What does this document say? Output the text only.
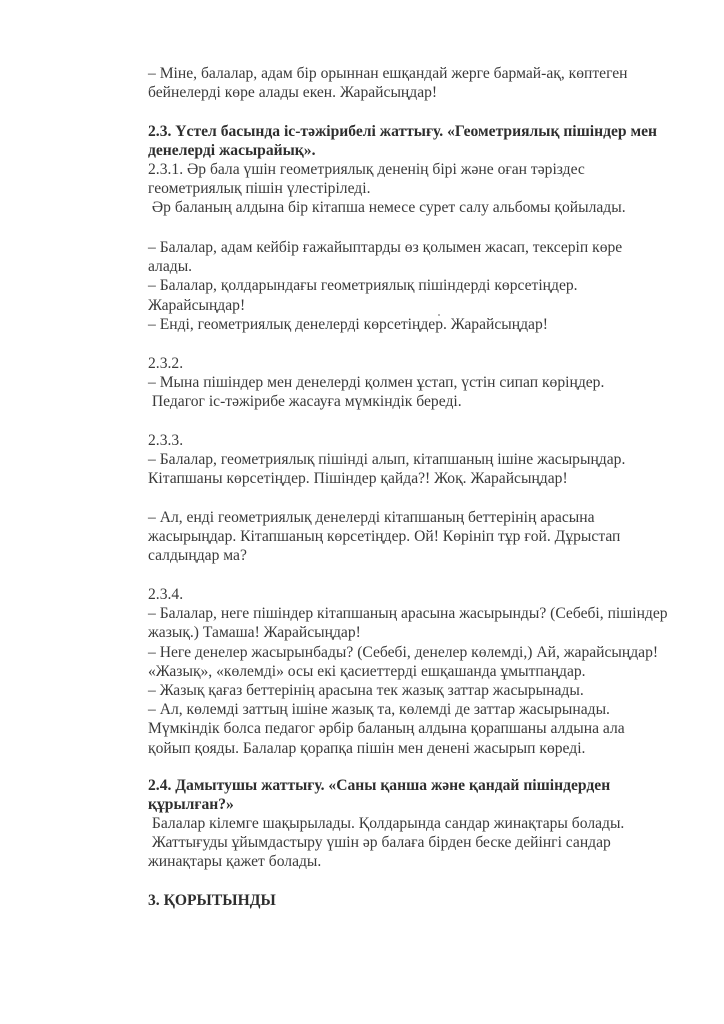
– Міне, балалар, адам бір орыннан ешқандай жерге бармай-ақ, көптеген
бейнелерді көре алады екен. Жарайсыңдар!
2.3. Үстел басында іс-тәжірибелі жаттығу. «Геометриялық пішіндер мен
денелерді жасырайық».
2.3.1. Әр бала үшін геометриялық дененің бірі және оған тәріздес
геометриялық пішін үлестіріледі.
Әр баланың алдына бір кітапша немесе сурет салу альбомы қойылады.
– Балалар, адам кейбір ғажайыптарды өз қолымен жасап, тексеріп көре
алады.
– Балалар, қолдарындағы геометриялық пішіндерді көрсетіңдер.
Жарайсыңдар!
– Енді, геометриялық денелерді көрсетіңдер. Жарайсыңдар!
2.3.2.
– Мына пішіндер мен денелерді қолмен ұстап, үстін сипап көріңдер.
Педагог іс-тәжірибе жасауға мүмкіндік береді.
2.3.3.
– Балалар, геометриялық пішінді алып, кітапшаның ішіне жасырыңдар.
Кітапшаны көрсетіңдер. Пішіндер қайда?! Жоқ. Жарайсыңдар!
– Ал, енді геометриялық денелерді кітапшаның беттерінің арасына
жасырыңдар. Кітапшаның көрсетіңдер. Ой! Көрініп тұр ғой. Дұрыстап
салдыңдар ма?
2.3.4.
– Балалар, неге пішіндер кітапшаның арасына жасырынды? (Себебі, пішіндер
жазық.) Тамаша! Жарайсыңдар!
– Неге денелер жасырынбады? (Себебі, денелер көлемді,) Ай, жарайсыңдар!
«Жазық», «көлемді» осы екі қасиеттерді ешқашанда ұмытпаңдар.
– Жазық қағаз беттерінің арасына тек жазық заттар жасырынады.
– Ал, көлемді заттың ішіне жазық та, көлемді де заттар жасырынады.
Мүмкіндік болса педагог әрбір баланың алдына қорапшаны алдына ала
қойып қояды. Балалар қорапқа пішін мен денені жасырып көреді.
2.4. Дамытушы жаттығу. «Саны қанша және қандай пішіндерден
құрылған?»
Балалар кілемге шақырылады. Қолдарында сандар жинақтары болады.
Жаттығуды ұйымдастыру үшін әр балаға бірден беске дейінгі сандар
жинақтары қажет болады.
3. ҚОРЫТЫНДЫ
